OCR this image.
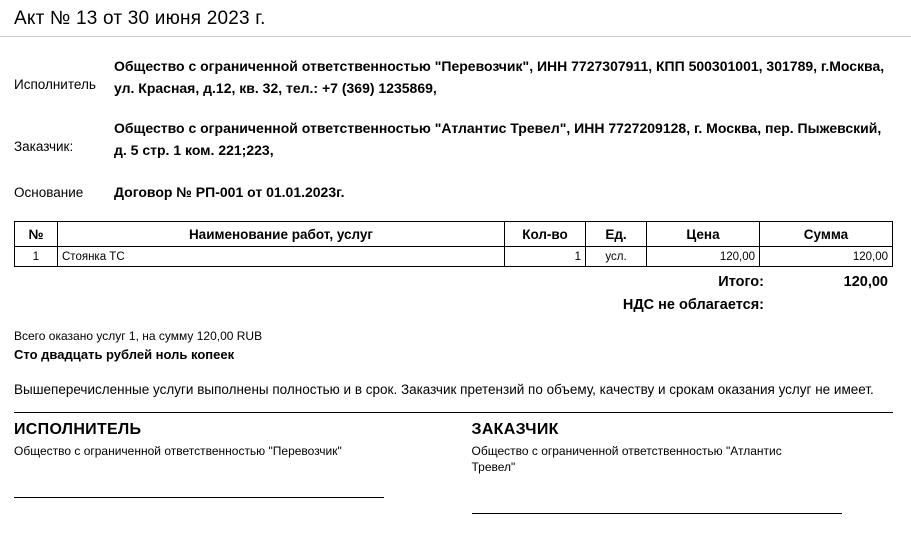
Акт № 13 от 30 июня 2023 г.
Исполнитель
Общество с ограниченной ответственностью "Перевозчик", ИНН 7727307911, КПП 500301001, 301789, г.Москва, ул. Красная, д.12, кв. 32, тел.: +7 (369) 1235869,
Заказчик:
Общество с ограниченной ответственностью "Атлантис Тревел", ИНН 7727209128, г. Москва, пер. Пыжевский, д. 5 стр. 1 ком. 221;223,
Основание	Договор № РП-001 от 01.01.2023г.
№	Наименование работ, услуг	Кол-во	Ед.	Цена	Сумма
1	Стоянка ТС	1	усл.	120,00	120,00
Итого:	120,00
НДС не облагается:
Всего оказано услуг 1, на сумму 120,00 RUB
Сто двадцать рублей ноль копеек
Вышеперечисленные услуги выполнены полностью и в срок. Заказчик претензий по объему, качеству и срокам оказания услуг не имеет.
ИСПОЛНИТЕЛЬ
Общество с ограниченной ответственностью "Перевозчик"
ЗАКАЗЧИК
Общество с ограниченной ответственностью "Атлантис Тревел"
